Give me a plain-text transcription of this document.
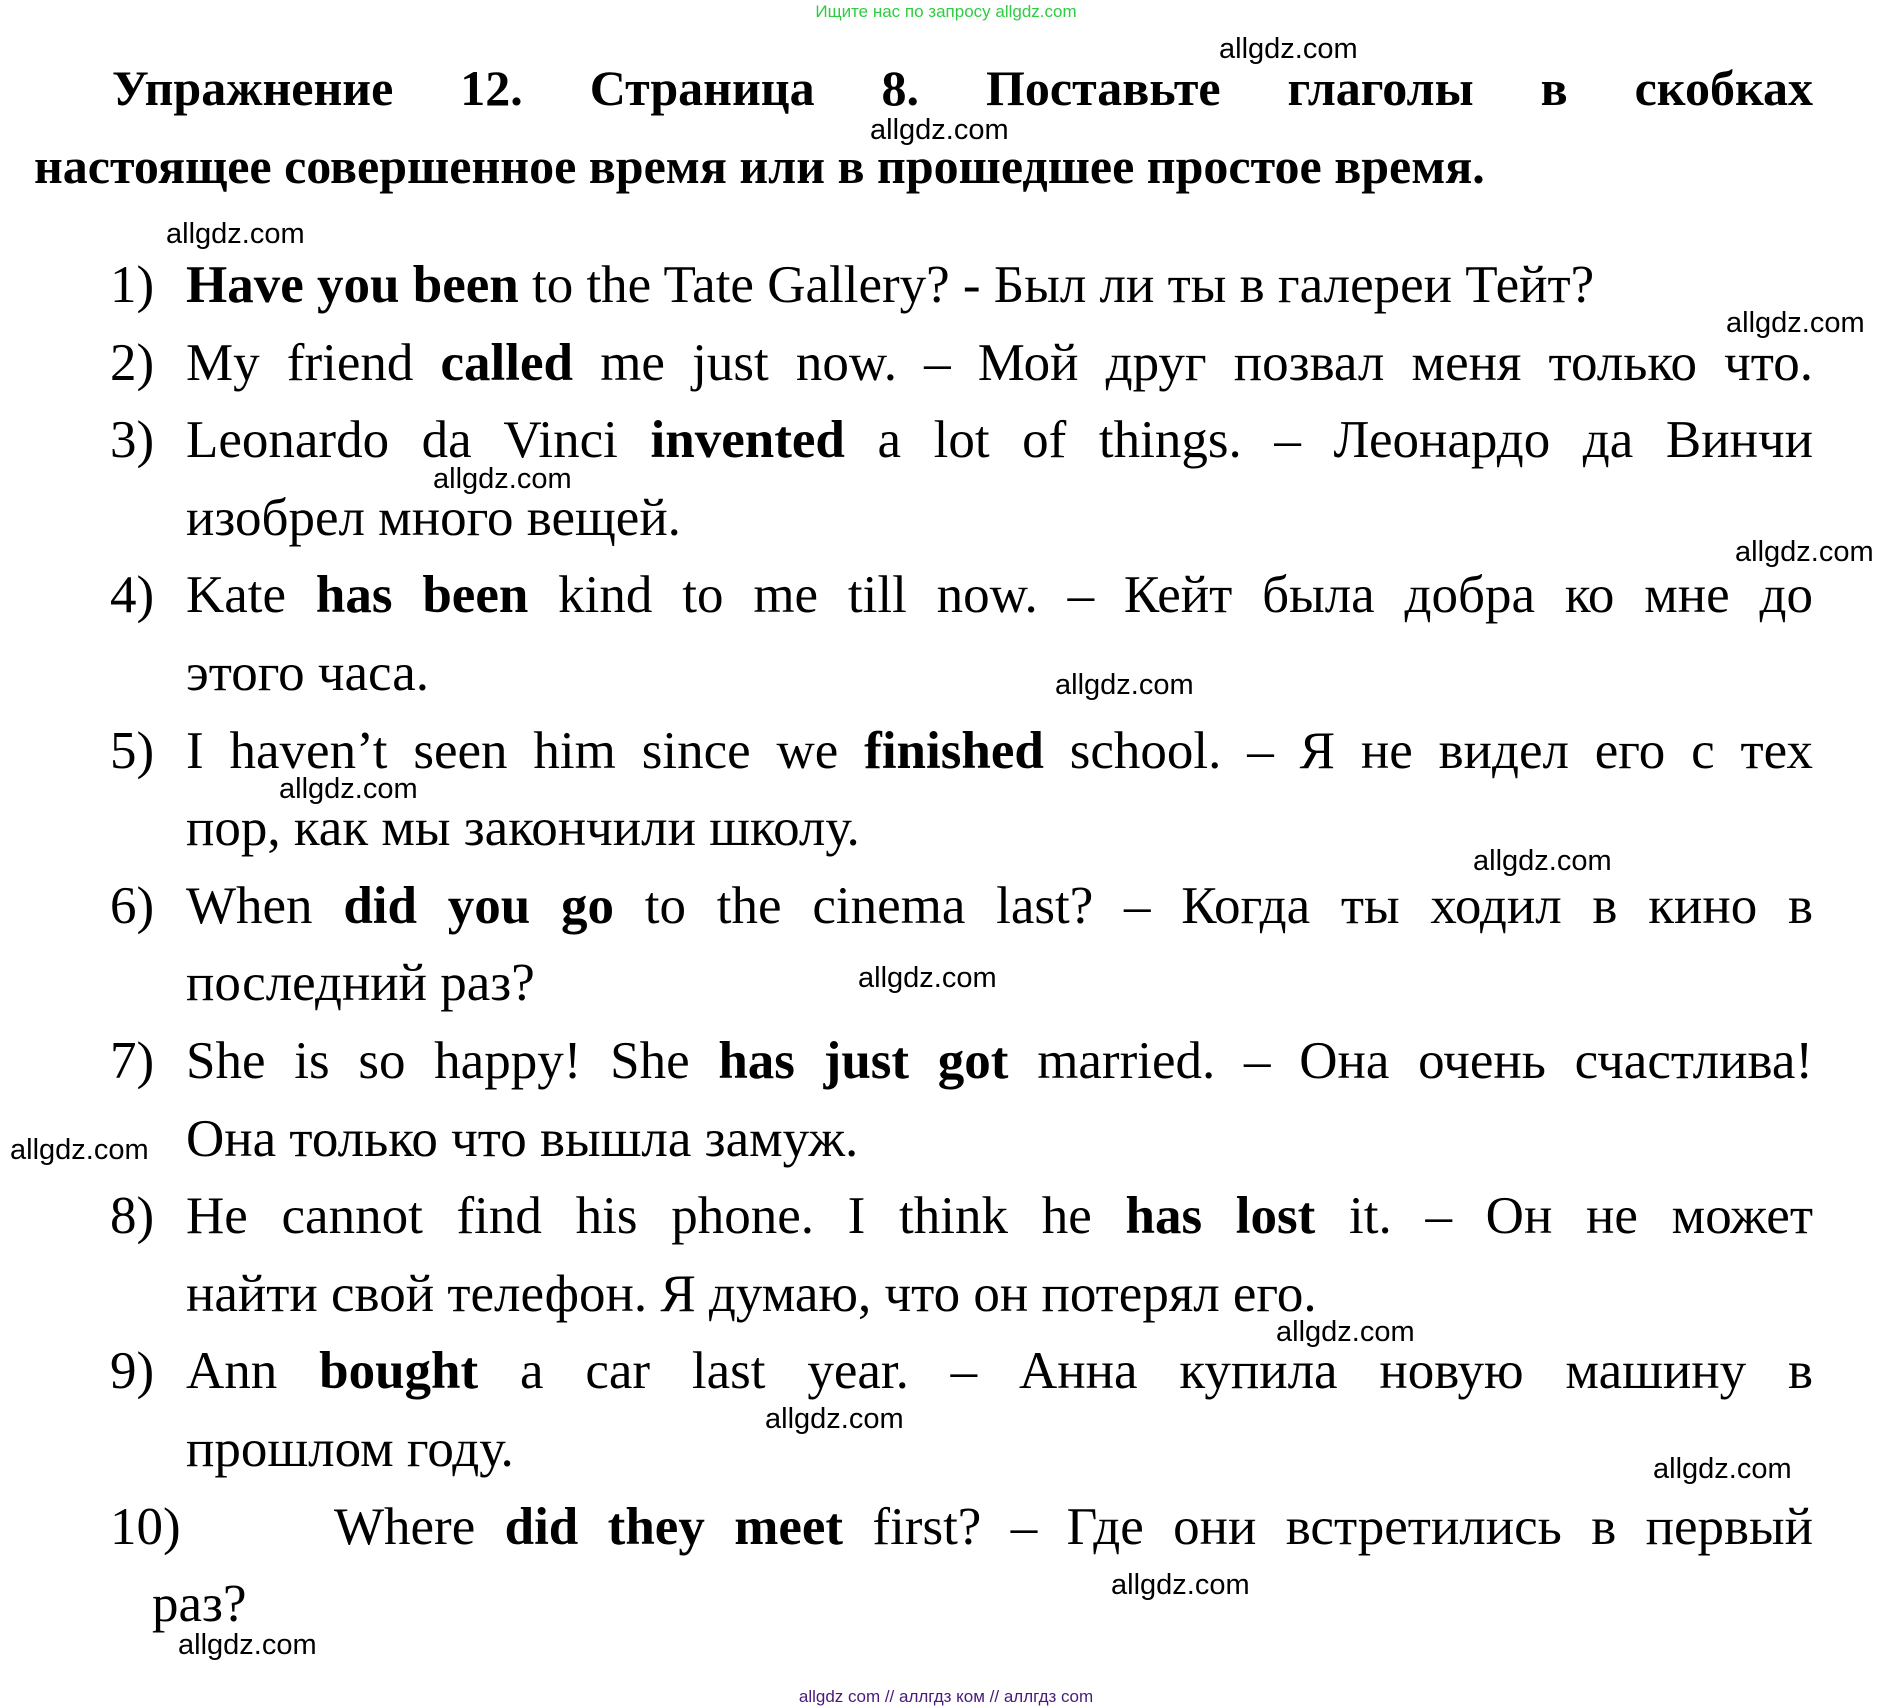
Ищите нас по запросу allgdz.com
Упражнение 12. Страница 8. Поставьте глаголы в скобках
настоящее совершенное время или в прошедшее простое время.
1) Have you been to the Tate Gallery? - Был ли ты в галереи Тейт?
2) My friend called me just now. – Мой друг позвал меня только что.
3) Leonardo da Vinci invented a lot of things. – Леонардо да Винчи
изобрел много вещей.
4) Kate has been kind to me till now. – Кейт была добра ко мне до
этого часа.
5) I haven’t seen him since we finished school. – Я не видел его с тех
пор, как мы закончили школу.
6) When did you go to the cinema last? – Когда ты ходил в кино в
последний раз?
7) She is so happy! She has just got married. – Она очень счастлива!
Она только что вышла замуж.
8) He cannot find his phone. I think he has lost it. – Он не может
найти свой телефон. Я думаю, что он потерял его.
9) Ann bought a car last year. – Анна купила новую машину в
прошлом году.
10)	Where did they meet first? – Где они встретились в первый
раз?
allgdz.com
allgdz.com
allgdz.com
allgdz.com
allgdz.com
allgdz.com
allgdz.com
allgdz.com
allgdz.com
allgdz.com
allgdz.com
allgdz.com
allgdz.com
allgdz.com
allgdz.com
allgdz.com
allgdz com // аллгдз ком // аллгдз com
